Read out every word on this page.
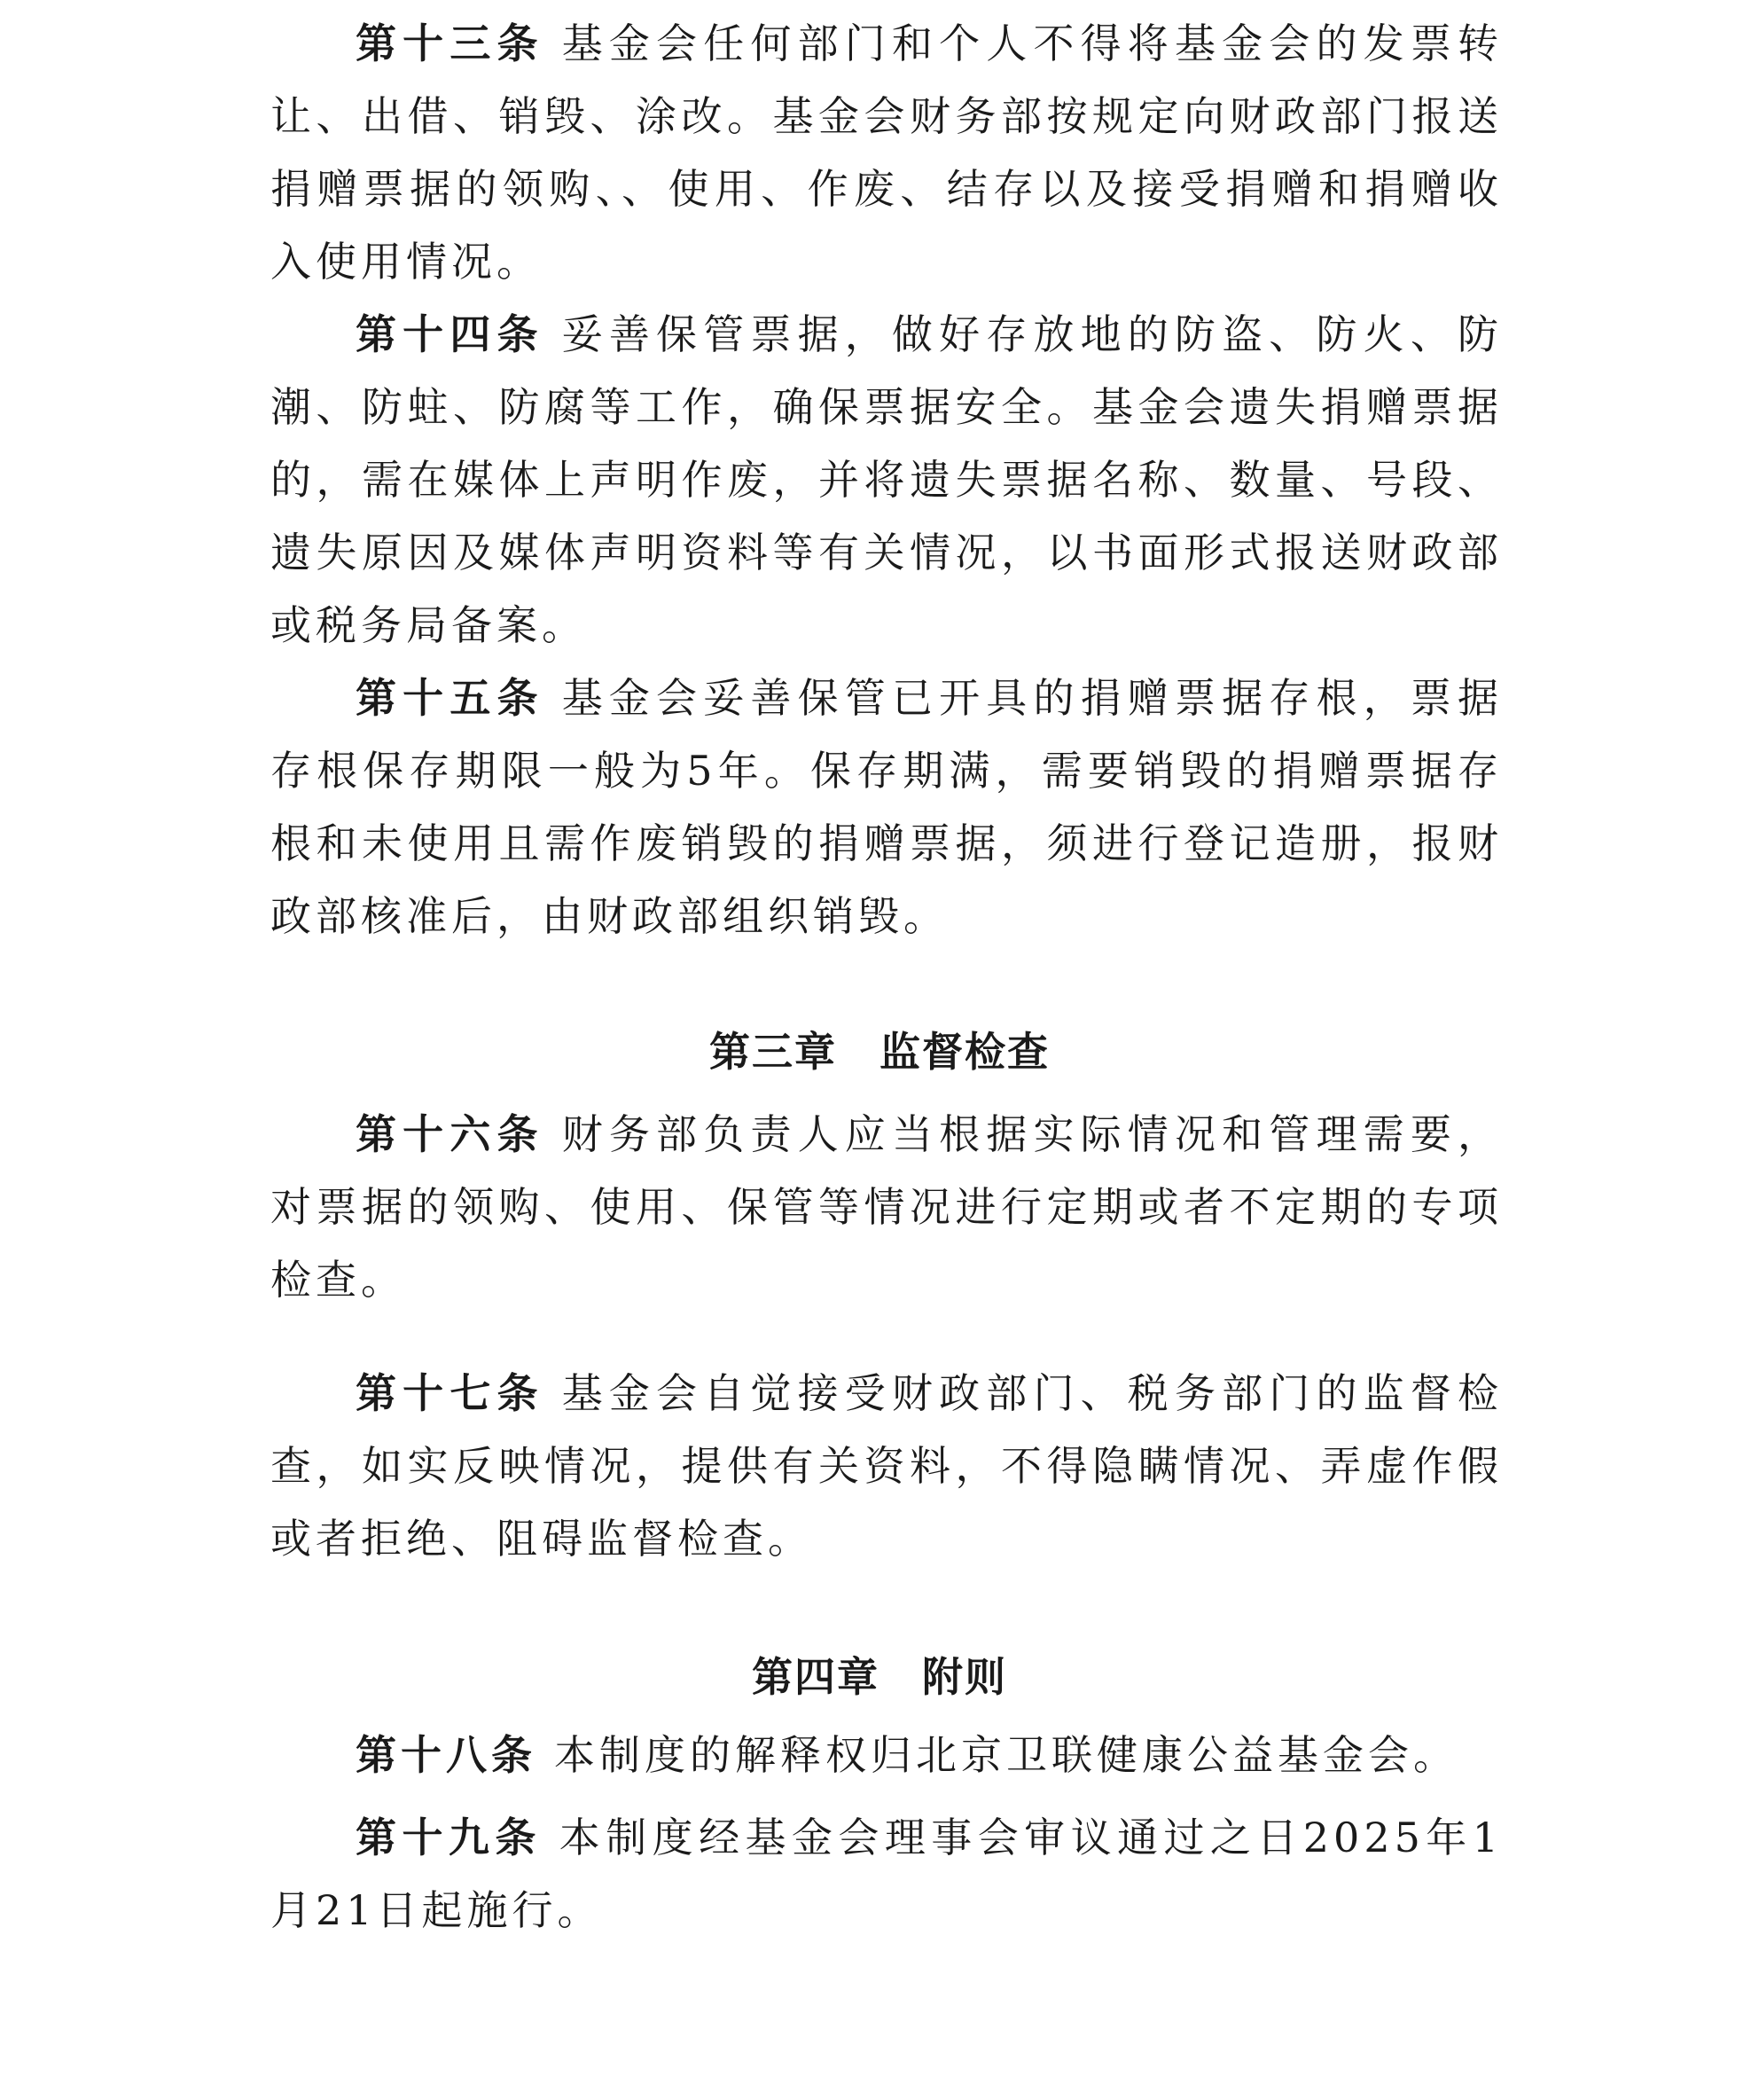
第十三条 基金会任何部门和个人不得将基金会的发票转让、出借、销毁、涂改。基金会财务部按规定向财政部门报送捐赠票据的领购、、使用、作废、结存以及接受捐赠和捐赠收入使用情况。

第十四条 妥善保管票据，做好存放地的防盗、防火、防潮、防蛀、防腐等工作，确保票据安全。基金会遗失捐赠票据的，需在媒体上声明作废，并将遗失票据名称、数量、号段、遗失原因及媒体声明资料等有关情况，以书面形式报送财政部或税务局备案。

第十五条 基金会妥善保管已开具的捐赠票据存根，票据存根保存期限一般为5年。保存期满，需要销毁的捐赠票据存根和未使用且需作废销毁的捐赠票据，须进行登记造册，报财政部核准后，由财政部组织销毁。

第三章　监督检查

第十六条 财务部负责人应当根据实际情况和管理需要，对票据的领购、使用、保管等情况进行定期或者不定期的专项检查。

第十七条 基金会自觉接受财政部门、税务部门的监督检查，如实反映情况，提供有关资料，不得隐瞒情况、弄虚作假或者拒绝、阻碍监督检查。

第四章　附则

第十八条 本制度的解释权归北京卫联健康公益基金会。

第十九条 本制度经基金会理事会审议通过之日2025年1月21日起施行。
